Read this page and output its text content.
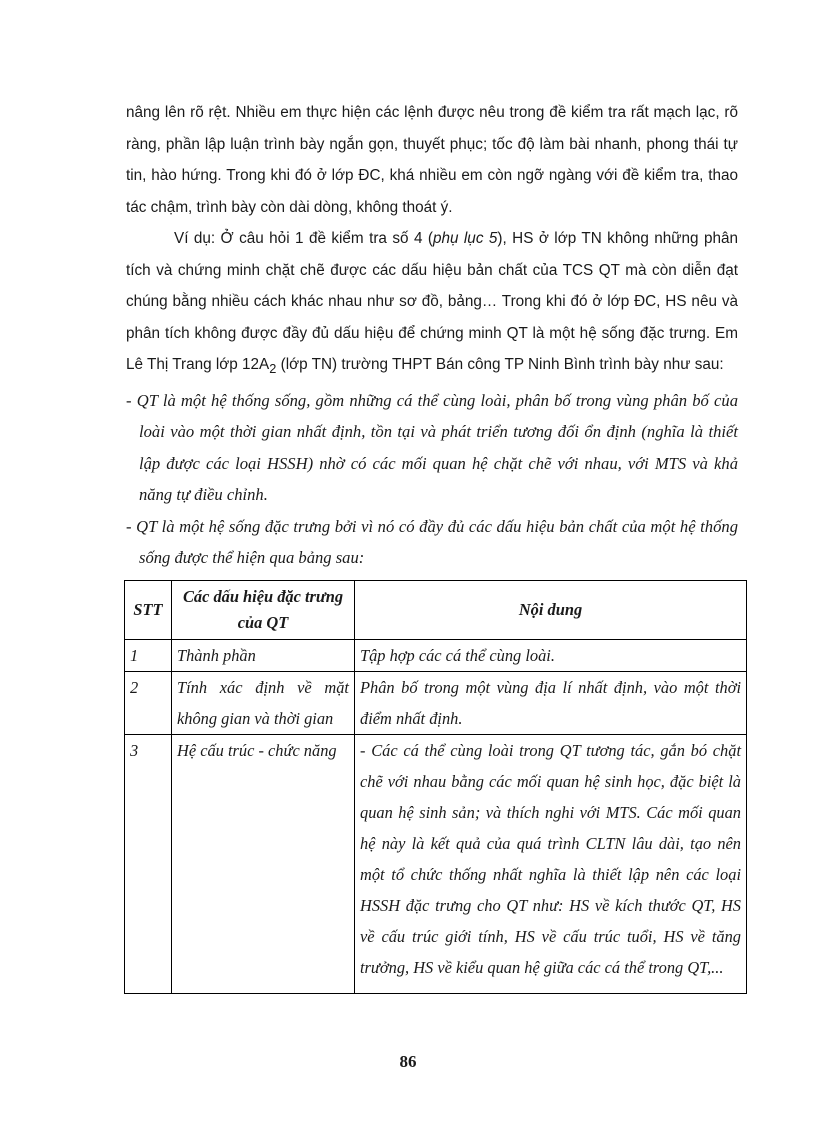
nâng lên rõ rệt. Nhiều em thực hiện các lệnh được nêu trong đề kiểm tra rất mạch lạc, rõ ràng, phần lập luận trình bày ngắn gọn, thuyết phục; tốc độ làm bài nhanh, phong thái tự tin, hào hứng. Trong khi đó ở lớp ĐC, khá nhiều em còn ngỡ ngàng với đề kiểm tra, thao tác chậm, trình bày còn dài dòng, không thoát ý.

Ví dụ: Ở câu hỏi 1 đề kiểm tra số 4 (phụ lục 5), HS ở lớp TN không những phân tích và chứng minh chặt chẽ được các dấu hiệu bản chất của TCS QT mà còn diễn đạt chúng bằng nhiều cách khác nhau như sơ đồ, bảng… Trong khi đó ở lớp ĐC, HS nêu và phân tích không được đầy đủ dấu hiệu để chứng minh QT là một hệ sống đặc trưng. Em Lê Thị Trang lớp $12A_2$ (lớp TN) trường THPT Bán công TP Ninh Bình trình bày như sau:

- QT là một hệ thống sống, gồm những cá thể cùng loài, phân bố trong vùng phân bố của loài vào một thời gian nhất định, tồn tại và phát triển tương đối ổn định (nghĩa là thiết lập được các loại HSSH) nhờ có các mối quan hệ chặt chẽ với nhau, với MTS và khả năng tự điều chỉnh.

- QT là một hệ sống đặc trưng bởi vì nó có đầy đủ các dấu hiệu bản chất của một hệ thống sống được thể hiện qua bảng sau:

STT	Các dấu hiệu đặc trưng của QT	Nội dung
1	Thành phần	Tập hợp các cá thể cùng loài.
2	Tính xác định về mặt không gian và thời gian	Phân bố trong một vùng địa lí nhất định, vào một thời điểm nhất định.
3	Hệ cấu trúc - chức năng	- Các cá thể cùng loài trong QT tương tác, gắn bó chặt chẽ với nhau bằng các mối quan hệ sinh học, đặc biệt là quan hệ sinh sản; và thích nghi với MTS. Các mối quan hệ này là kết quả của quá trình CLTN lâu dài, tạo nên một tổ chức thống nhất nghĩa là thiết lập nên các loại HSSH đặc trưng cho QT như: HS về kích thước QT, HS về cấu trúc giới tính, HS về cấu trúc tuổi, HS về tăng trưởng, HS về kiểu quan hệ giữa các cá thể trong QT,...
86
